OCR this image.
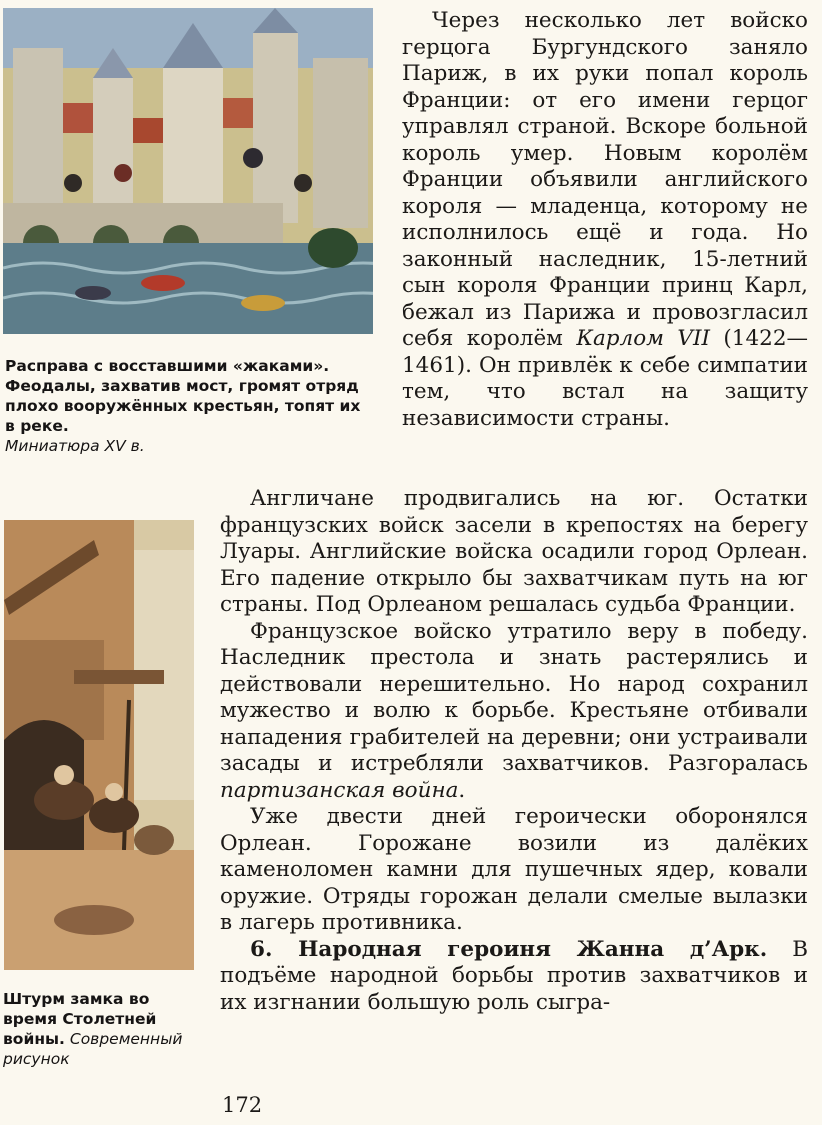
Расправа с восставшими «жаками». Феодалы, захватив мост, громят отряд плохо вооружённых крестьян, топят их в реке.
Миниатюра XV в.
Штурм замка во время Столетней войны. Современный рисунок

Через несколько лет войско герцога Бургундского заняло Париж, в их руки попал король Франции: от его имени герцог управлял страной. Вскоре больной король умер. Новым королём Франции объявили английского короля — младенца, которому не исполнилось ещё и года. Но законный наследник, 15-летний сын короля Франции принц Карл, бежал из Парижа и провозгласил себя королём Карлом VII (1422—1461). Он привлёк к себе симпатии тем, что встал на защиту независимости страны.

Англичане продвигались на юг. Остатки французских войск засели в крепостях на берегу Луары. Английские войска осадили город Орлеан. Его падение открыло бы захватчикам путь на юг страны. Под Орлеаном решалась судьба Франции.

Французское войско утратило веру в победу. Наследник престола и знать растерялись и действовали нерешительно. Но народ сохранил мужество и волю к борьбе. Крестьяне отбивали нападения грабителей на деревни; они устраивали засады и истребляли захватчиков. Разгоралась партизанская война.

Уже двести дней героически оборонялся Орлеан. Горожане возили из далёких каменоломен камни для пушечных ядер, ковали оружие. Отряды горожан делали смелые вылазки в лагерь противника.

6. Народная героиня Жанна д’Арк. В подъёме народной борьбы против захватчиков и их изгнании большую роль сыгра-

172
